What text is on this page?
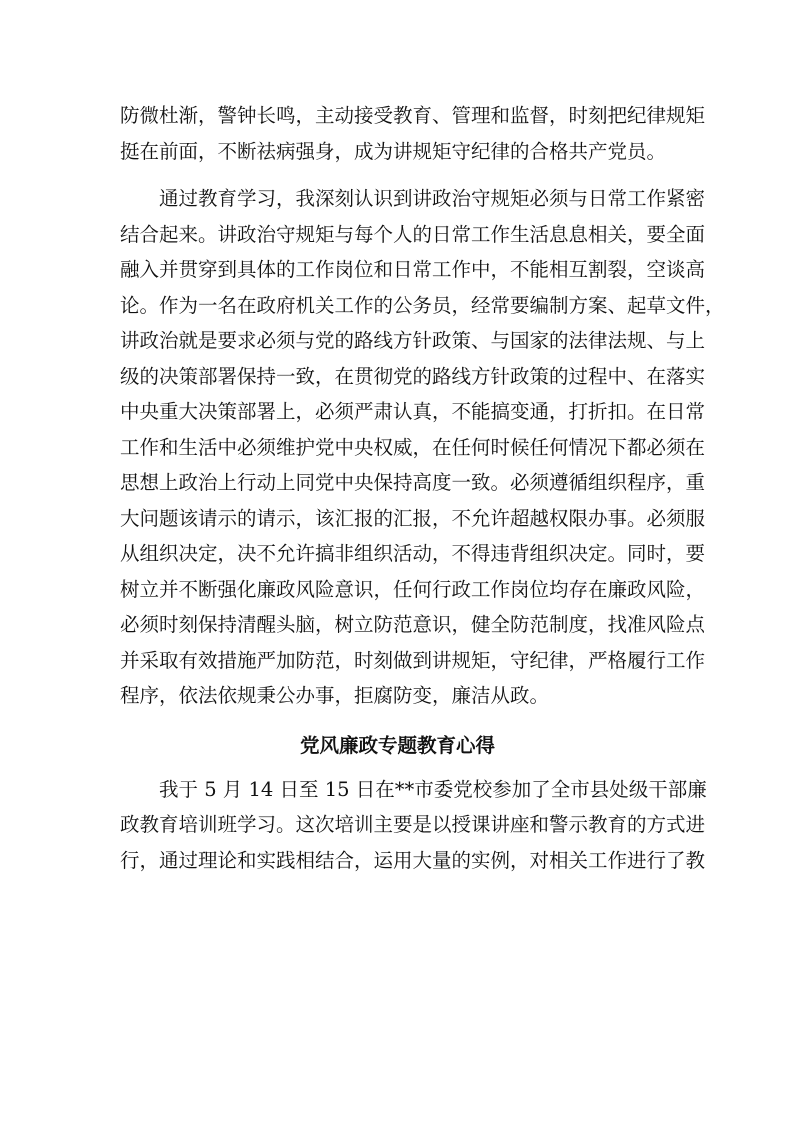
防微杜渐，警钟长鸣，主动接受教育、管理和监督，时刻把纪律规矩
挺在前面，不断祛病强身，成为讲规矩守纪律的合格共产党员。
通过教育学习，我深刻认识到讲政治守规矩必须与日常工作紧密
结合起来。讲政治守规矩与每个人的日常工作生活息息相关，要全面
融入并贯穿到具体的工作岗位和日常工作中，不能相互割裂，空谈高
论。作为一名在政府机关工作的公务员，经常要编制方案、起草文件，
讲政治就是要求必须与党的路线方针政策、与国家的法律法规、与上
级的决策部署保持一致，在贯彻党的路线方针政策的过程中、在落实
中央重大决策部署上，必须严肃认真，不能搞变通，打折扣。在日常
工作和生活中必须维护党中央权威，在任何时候任何情况下都必须在
思想上政治上行动上同党中央保持高度一致。必须遵循组织程序，重
大问题该请示的请示，该汇报的汇报，不允许超越权限办事。必须服
从组织决定，决不允许搞非组织活动，不得违背组织决定。同时，要
树立并不断强化廉政风险意识，任何行政工作岗位均存在廉政风险，
必须时刻保持清醒头脑，树立防范意识，健全防范制度，找准风险点
并采取有效措施严加防范，时刻做到讲规矩，守纪律，严格履行工作
程序，依法依规秉公办事，拒腐防变，廉洁从政。
党风廉政专题教育心得
我于 5 月 14 日至 15 日在**市委党校参加了全市县处级干部廉
政教育培训班学习。这次培训主要是以授课讲座和警示教育的方式进
行，通过理论和实践相结合，运用大量的实例，对相关工作进行了教
